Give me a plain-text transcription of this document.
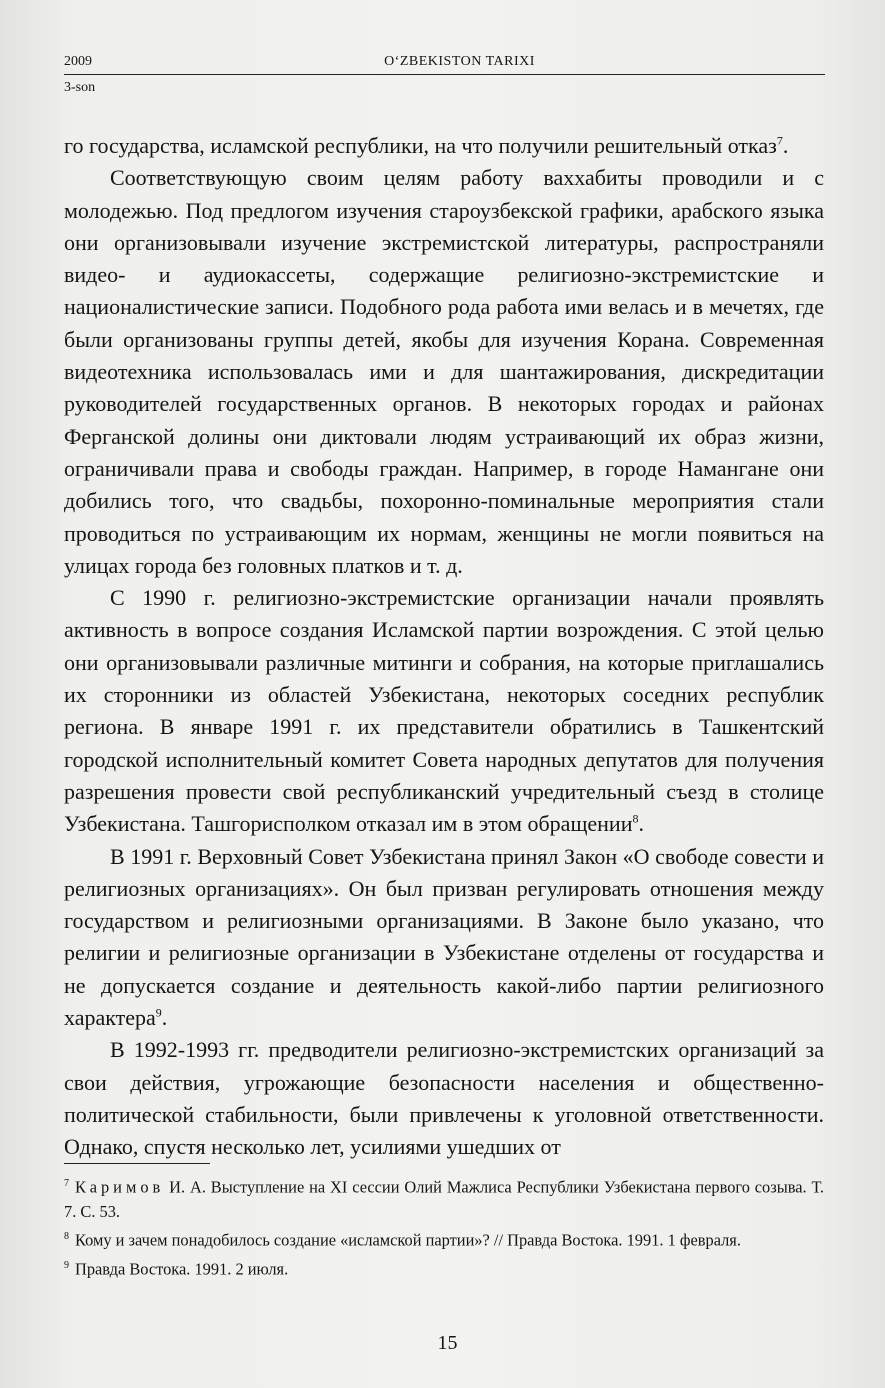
2009	O‘ZBEKISTON TARIXI
3-son

го государства, исламской республики, на что получили решительный отказ$^7$.

Соответствующую своим целям работу ваххабиты проводили и с молодежью. Под предлогом изучения староузбекской графики, арабского языка они организовывали изучение экстремистской литературы, распространяли видео- и аудиокассеты, содержащие религиозно-экстремистские и националистические записи. Подобного рода работа ими велась и в мечетях, где были организованы группы детей, якобы для изучения Корана. Современная видеотехника использовалась ими и для шантажирования, дискредитации руководителей государственных органов. В некоторых городах и районах Ферганской долины они диктовали людям устраивающий их образ жизни, ограничивали права и свободы граждан. Например, в городе Намангане они добились того, что свадьбы, похоронно-поминальные мероприятия стали проводиться по устраивающим их нормам, женщины не могли появиться на улицах города без головных платков и т. д.

С 1990 г. религиозно-экстремистские организации начали проявлять активность в вопросе создания Исламской партии возрождения. С этой целью они организовывали различные митинги и собрания, на которые приглашались их сторонники из областей Узбекистана, некоторых соседних республик региона. В январе 1991 г. их представители обратились в Ташкентский городской исполнительный комитет Совета народных депутатов для получения разрешения провести свой республиканский учредительный съезд в столице Узбекистана. Ташгорисполком отказал им в этом обращении$^8$.

В 1991 г. Верховный Совет Узбекистана принял Закон «О свободе совести и религиозных организациях». Он был призван регулировать отношения между государством и религиозными организациями. В Законе было указано, что религии и религиозные организации в Узбекистане отделены от государства и не допускается создание и деятельность какой-либо партии религиозного характера$^9$.

В 1992-1993 гг. предводители религиозно-экстремистских организаций за свои действия, угрожающие безопасности населения и общественно-политической стабильности, были привлечены к уголовной ответственности. Однако, спустя несколько лет, усилиями ушедших от

$^7$ Каримов И. А. Выступление на XI сессии Олий Мажлиса Республики Узбекистана первого созыва. Т. 7. С. 53.

$^8$ Кому и зачем понадобилось создание «исламской партии»? // Правда Востока. 1991. 1 февраля.

$^9$ Правда Востока. 1991. 2 июля.

15
